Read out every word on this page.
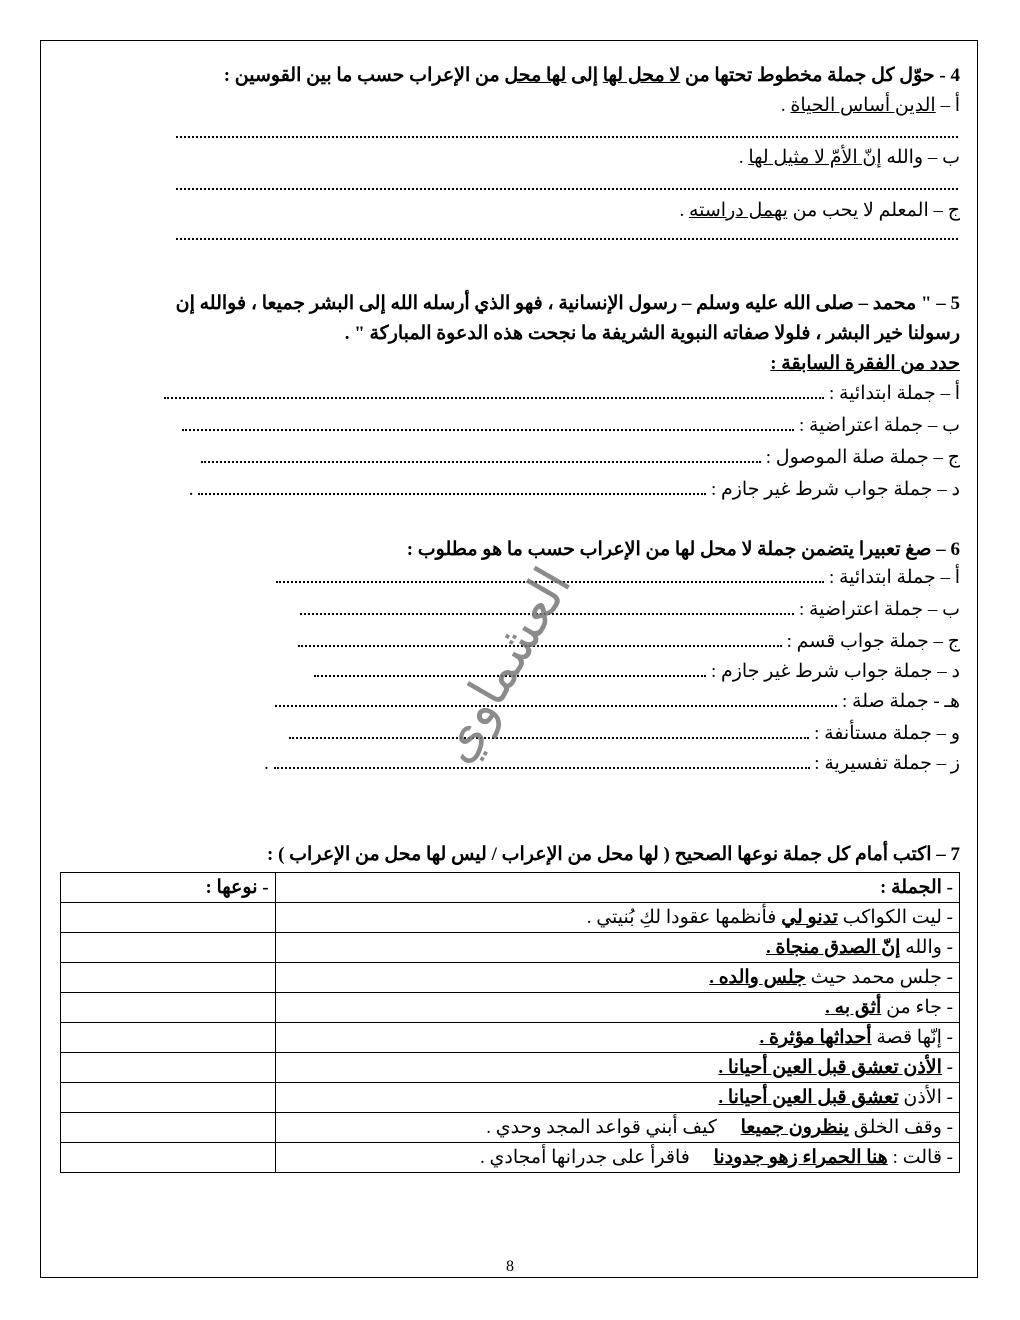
4 - حوّل كل جملة مخطوط تحتها من لا محل لها إلى لها محل من الإعراب حسب ما بين القوسين :
أ – الدين أساس الحياة .
ب – والله إنّ الأمّ لا مثيل لها .
ج – المعلم لا يحب من يهمل دراسته .
5 – " محمد – صلى الله عليه وسلم – رسول الإنسانية ، فهو الذي أرسله الله إلى البشر جميعا ، فوالله إن
رسولنا خير البشر ، فلولا صفاته النبوية الشريفة ما نجحت هذه الدعوة المباركة " .
حدد من الفقرة السابقة :
أ – جملة ابتدائية :
ب – جملة اعتراضية :
ج – جملة صلة الموصول :
د – جملة جواب شرط غير جازم :  .
6 – صغ تعبيرا يتضمن جملة لا محل لها من الإعراب حسب ما هو مطلوب :
أ – جملة ابتدائية :
ب – جملة اعتراضية :
ج – جملة جواب قسم :
د – جملة جواب شرط غير جازم :
هـ - جملة صلة :
و – جملة مستأنفة :
ز – جملة تفسيرية :  .	العشماوي
7 – اكتب أمام كل جملة نوعها الصحيح ( لها محل من الإعراب / ليس لها محل من الإعراب ) :
- الجملة :	- نوعها :
- ليت الكواكب تدنو لي فأنظمها عقودا لكِ بُنيتي .	
- والله إنّ الصدق منجاة .	
- جلس محمد حيث جلس والده .	
- جاء من أثق به .	
- إنّها قصة أحداثها مؤثرة .	
- الأذن تعشق قبل العين أحيانا .	
- الأذن تعشق قبل العين أحيانا .	
- وقف الخلق ينظرون جميعا     كيف أبني قواعد المجد وحدي .	
- قالت : هنا الحمراء زهو جدودنا     فاقرأ على جدرانها أمجادي .	
8
